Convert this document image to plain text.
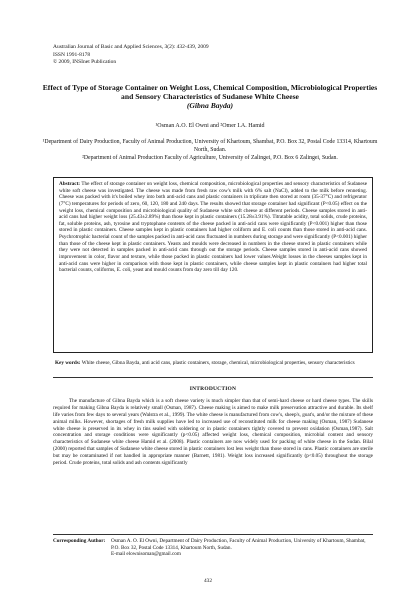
Australian Journal of Basic and Applied Sciences, 3(2): 432-439, 2009
ISSN 1991-8178
© 2009, INSInet Publication
Effect of Type of Storage Container on Weight Loss, Chemical Composition, Microbiological Properties and Sensory Characteristics of Sudanese White Cheese
(Gibna Bayda)
¹Osman A.O. El Owni and ²Omer I.A. Hamid
¹Department of Dairy Production, Faculty of Animal Production, University of Khartoum, Shambat, P.O. Box 32, Postal Code 13314, Khartoum North, Sudan.
²Department of Animal Production Faculty of Agriculture, University of Zalingei, P.O. Box 6 Zalingei, Sudan.
Abstract: The effect of storage container on weight loss, chemical composition, microbiological properties and sensory characteristics of Sudanese white soft cheese was investigated. The cheese was made from fresh raw cow's milk with 6% salt (NaCl), added to the milk before renneting. Cheese was packed with it's boiled whey into both anti-acid cans and plastic containers in triplicate then stored at room (35-37°C) and refrigerator (7°C) temperatures for periods of zero, 60, 120, 180 and 240 days. The results showed that storage container had significant (P<0.05) effect on the weight loss, chemical composition and microbiological quality of Sudanese white soft cheese at different periods. Cheese samples stored in anti-acid cans had higher weight loss (25.43±2.89%) than those kept in plastic containers (15.28±3.91%). Titratable acidity, total solids, crude proteins, fat, soluble proteins, ash, tyrosine and tryptophane contents of the cheese packed in anti-acid cans were significantly (P<0.001) higher than those stored in plastic containers. Cheese samples kept in plastic containers had higher coliform and E. coli counts than those stored in anti-acid cans. Psychrotrophic bacterial count of the samples packed in anti-acid cans fluctuated in numbers during storage and were significantly (P<0.001) higher than those of the cheese kept in plastic containers. Yeasts and moulds were decreased in numbers in the cheese stored in plastic containers while they were not detected in samples packed in anti-acid cans through out the storage periods. Cheese samples stored in anti-acid cans showed improvement in color, flavor and texture, while those packed in plastic containers had lower values.Weight losses in the cheeses samples kept in anti-acid cans were higher in comparison with those kept in plastic containers, while cheese samples kept in plastic containers had higher total bacterial counts, coliforms, E. coli, yeast and mould counts from day zero till day 120.
Key words: White cheese, Gibna Bayda, anti acid cans, plastic containers, storage, chemical, microbiological properties, sensory characteristics
INTRODUCTION
The manufacture of Gibna Bayda which is a soft cheese variety is much simpler than that of semi-hard cheese or hard cheese types. The skills required for making Gibna Bayda is relatively small (Osman, 1987). Cheese making is aimed to make milk preservation attractive and durable. Its shelf life varies from few days to several years (Walstra et al., 1999). The white cheese is manufactured from cow's, sheep's, goat's, and/or the mixture of these animal milks. However, shortages of fresh milk supplies have led to increased use of reconstituted milk for cheese making (Osman, 1987) Sudanese white cheese is preserved in its whey in tins sealed with soldering or in plastic containers tightly covered to prevent oxidation (Osman,1987). Salt concentration and storage conditions were significantly (p<0.05) affected weight loss, chemical composition, microbial content and sensory characteristics of Sudanese white cheese Hamid et al. (2008). Plastic containers are now widely used for packing of white cheese in the Sudan. Bilal (2000) reported that samples of Sudanese white cheese stored in plastic containers lost less weight than those stored in cans. Plastic containers are sterile but may be contaminated if not handled in appropriate manner (Barnett, 1981). Weight loss increased significantly (p<0.05) throughout the storage period. Crude proteins, total solids and ash contents significantly
Corresponding Author:	Osman A. O. El Owni, Department of Dairy Production, Faculty of Animal Production, University of Khartoum, Shambat, P.O. Box 32, Postal Code 13314, Khartoum North, Sudan.
E-mail elownisoman@gmail.com
432
